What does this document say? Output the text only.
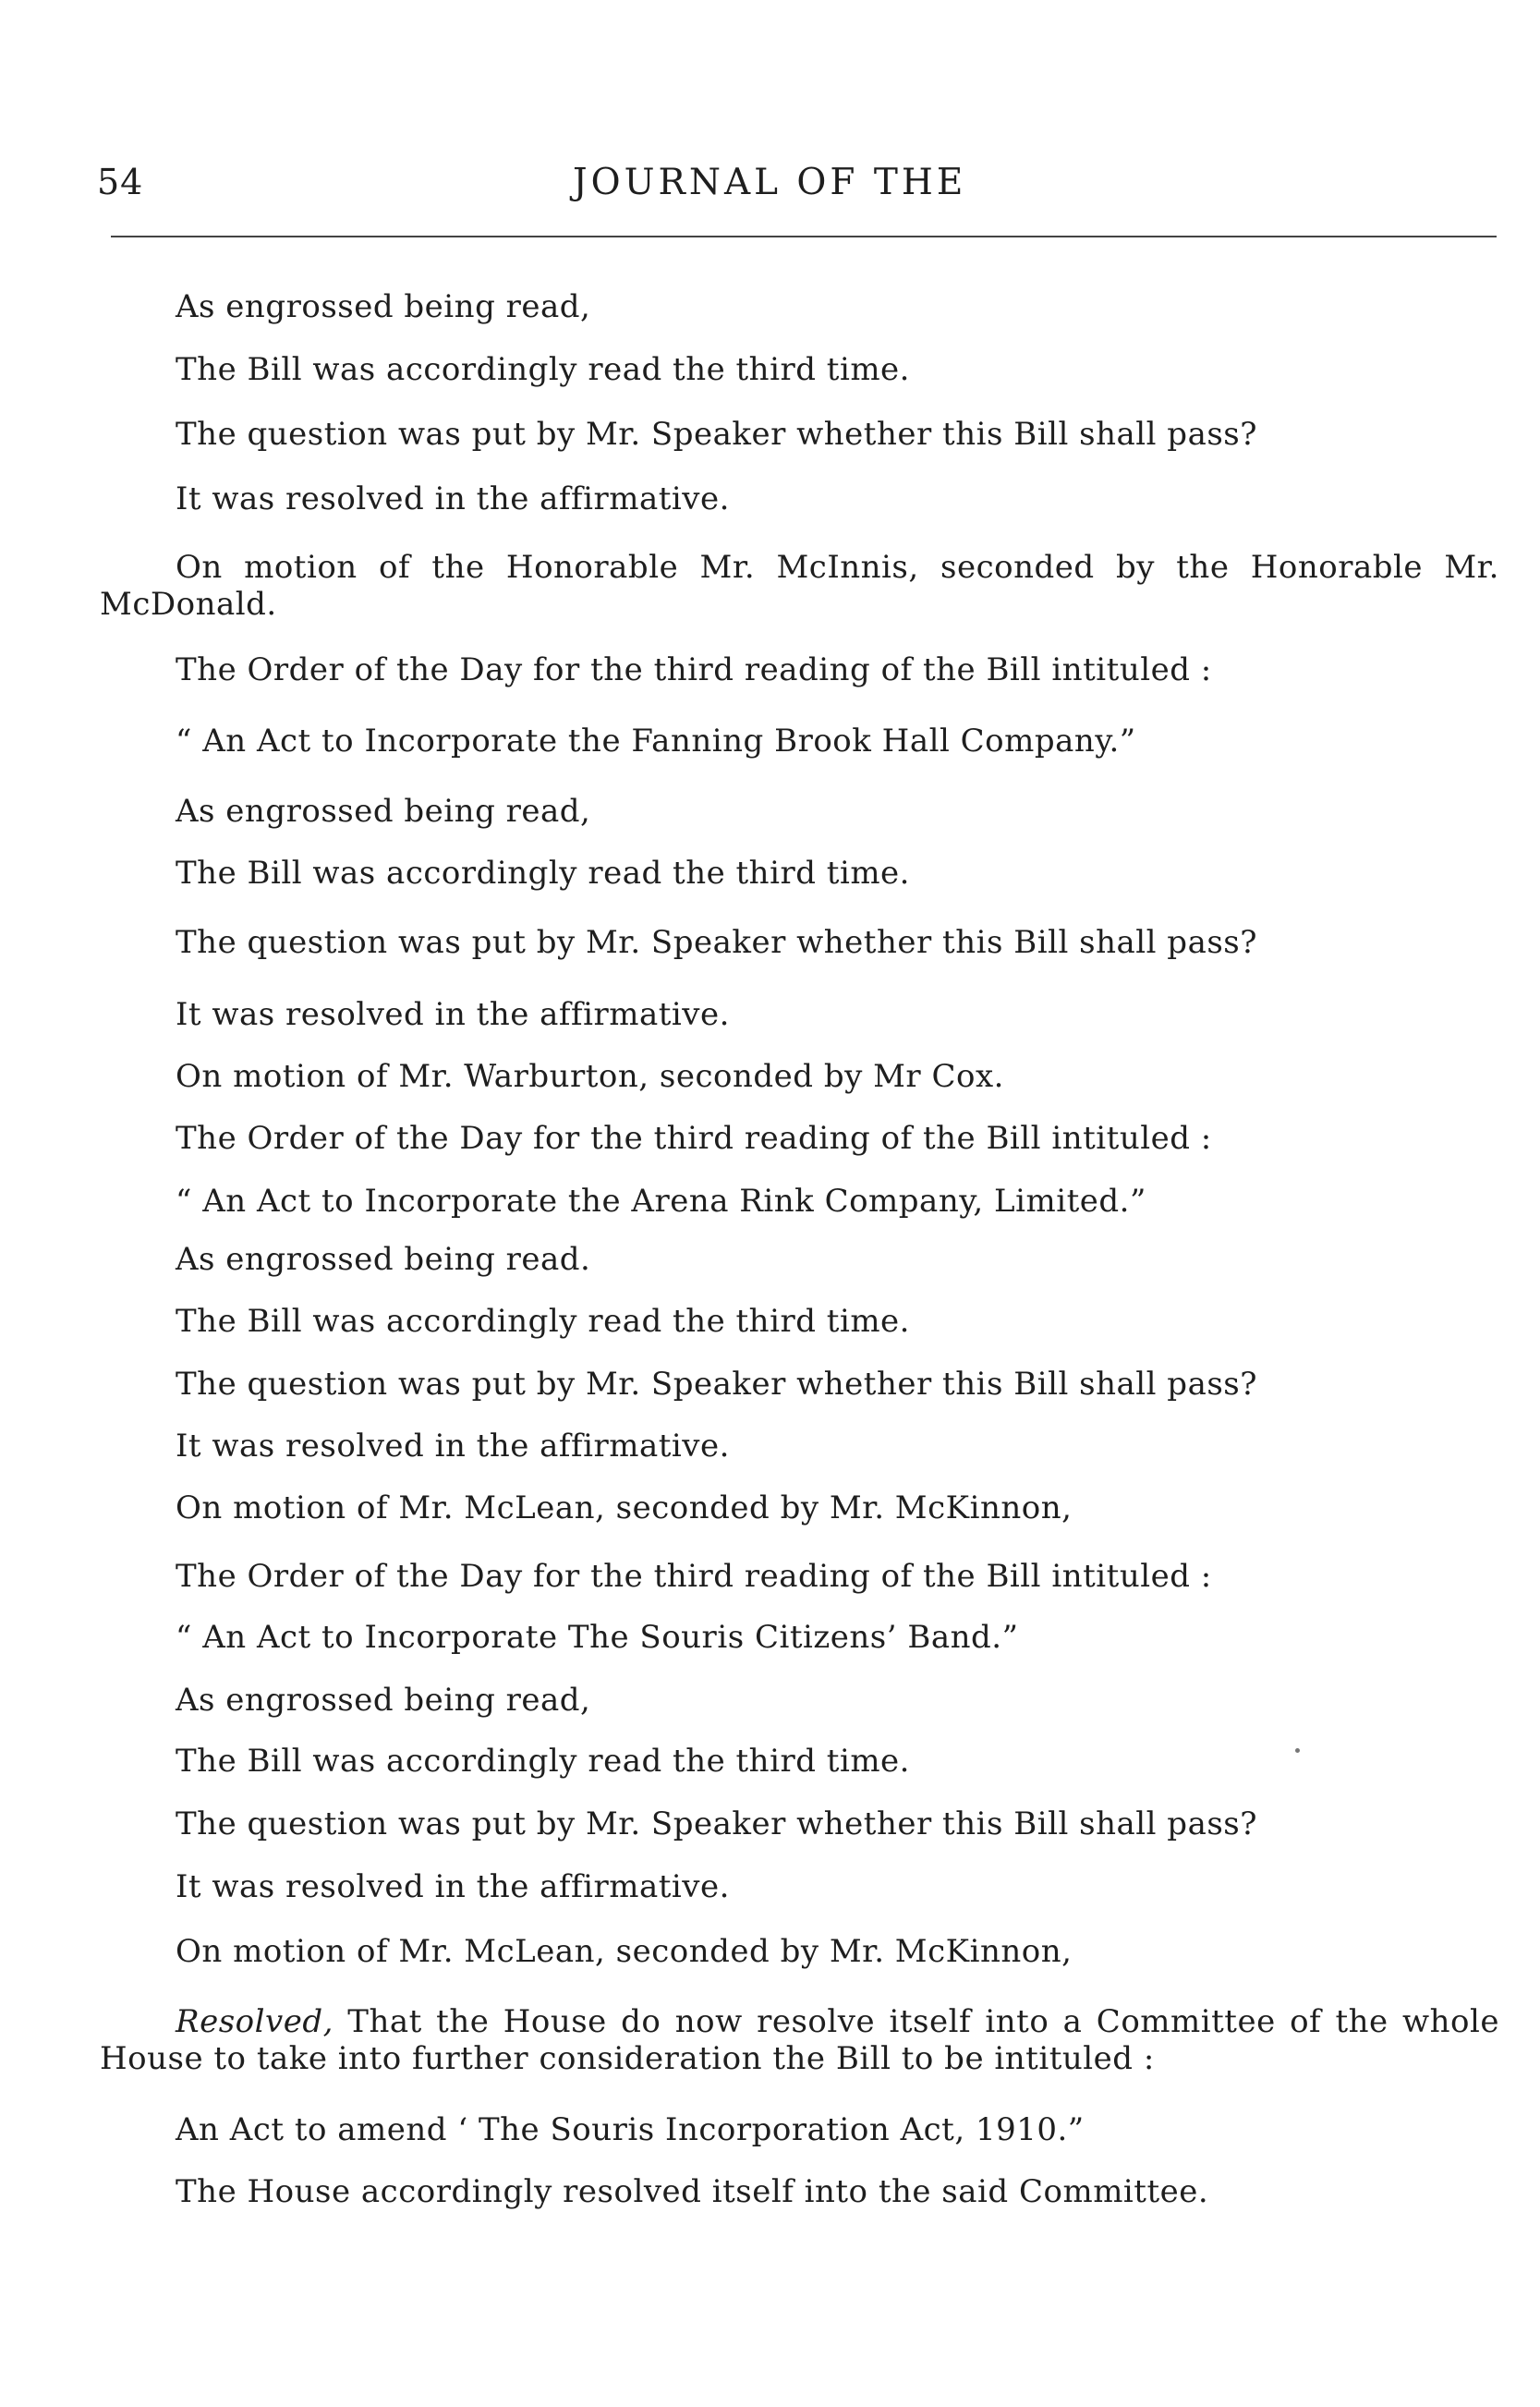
54	JOURNAL OF THE
As engrossed being read,
The Bill was accordingly read the third time.
The question was put by Mr. Speaker whether this Bill shall pass?
It was resolved in the affirmative.
On motion of the Honorable Mr. McInnis, seconded by the Honorable Mr. McDonald.
The Order of the Day for the third reading of the Bill intituled :
“ An Act to Incorporate the Fanning Brook Hall Company.”
As engrossed being read,
The Bill was accordingly read the third time.
The question was put by Mr. Speaker whether this Bill shall pass?
It was resolved in the affirmative.
On motion of Mr. Warburton, seconded by Mr Cox.
The Order of the Day for the third reading of the Bill intituled :
“ An Act to Incorporate the Arena Rink Company, Limited.”
As engrossed being read.
The Bill was accordingly read the third time.
The question was put by Mr. Speaker whether this Bill shall pass?
It was resolved in the affirmative.
On motion of Mr. McLean, seconded by Mr. McKinnon,
The Order of the Day for the third reading of the Bill intituled :
“ An Act to Incorporate The Souris Citizens’ Band.”
As engrossed being read,
The Bill was accordingly read the third time.
The question was put by Mr. Speaker whether this Bill shall pass?
It was resolved in the affirmative.
On motion of Mr. McLean, seconded by Mr. McKinnon,
Resolved, That the House do now resolve itself into a Committee of the whole House to take into further consideration the Bill to be intituled :
An Act to amend ‘ The Souris Incorporation Act, 1910.”
The House accordingly resolved itself into the said Committee.
